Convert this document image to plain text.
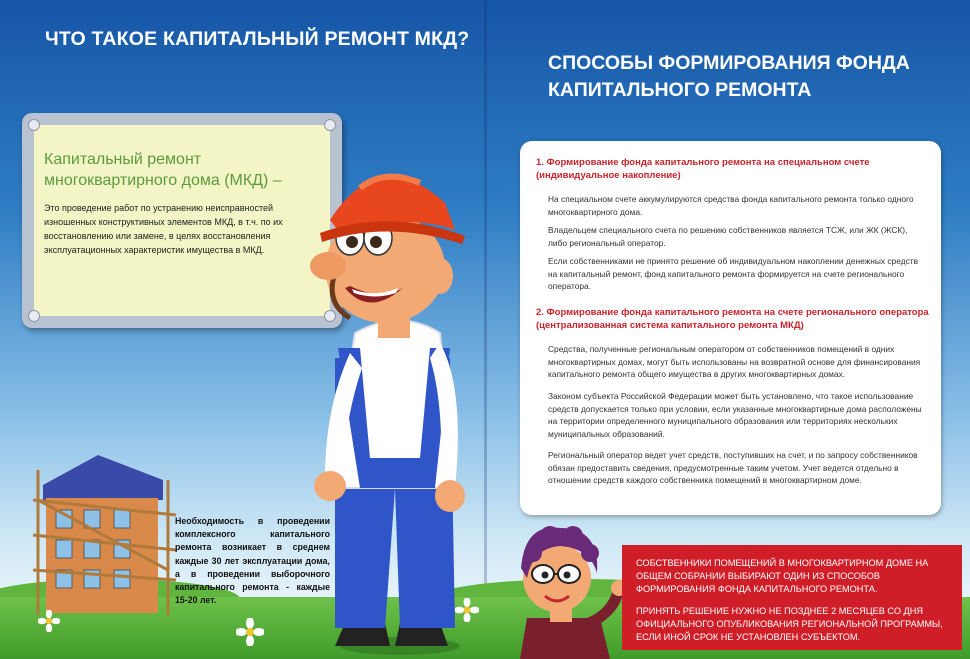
ЧТО ТАКОЕ КАПИТАЛЬНЫЙ РЕМОНТ МКД?
Капитальный ремонт
многоквартирного дома (МКД) –

Это проведение работ по устранению неисправностей изношенных конструктивных элементов МКД, в т.ч. по их восстановлению или замене, в целях восстановления эксплуатационных характеристик имущества в МКД.

Необходимость в проведении комплексного капитального ремонта возникает в среднем каждые 30 лет эксплуатации дома, а в проведении выборочного капитального ремонта - каждые 15-20 лет.

СПОСОБЫ ФОРМИРОВАНИЯ ФОНДА
КАПИТАЛЬНОГО РЕМОНТА
1. Формирование фонда капитального ремонта на специальном счете
(индивидуальное накопление)

На специальном счете аккумулируются средства фонда капитального ремонта только одного многоквартирного дома.

Владельцем специального счета по решению собственников является ТСЖ, или ЖК (ЖСК), либо региональный оператор.

Если собственниками не принято решение об индивидуальном накоплении денежных средств на капитальный ремонт, фонд капитального ремонта формируется на счете регионального оператора.

2. Формирование фонда капитального ремонта на счете регионального оператора
(централизованная система капитального ремонта МКД)

Средства, полученные региональным оператором от собственников помещений в одних многоквартирных домах, могут быть использованы на возвратной основе для финансирования капитального ремонта общего имущества в других многоквартирных домах.

Законом субъекта Российской Федерации может быть установлено, что такое использование средств допускается только при условии, если указанные многоквартирные дома расположены на территории определенного муниципального образования или территориях нескольких муниципальных образований.

Региональный оператор ведет учет средств, поступивших на счет, и по запросу собственников обязан предоставить сведения, предусмотренные таким учетом. Учет ведется отдельно в отношении средств каждого собственника помещений в многоквартирном доме.

СОБСТВЕННИКИ ПОМЕЩЕНИЙ В МНОГОКВАРТИРНОМ ДОМЕ НА ОБЩЕМ СОБРАНИИ ВЫБИРАЮТ ОДИН ИЗ СПОСОБОВ ФОРМИРОВАНИЯ ФОНДА КАПИТАЛЬНОГО РЕМОНТА.

ПРИНЯТЬ РЕШЕНИЕ НУЖНО НЕ ПОЗДНЕЕ 2 МЕСЯЦЕВ СО ДНЯ ОФИЦИАЛЬНОГО ОПУБЛИКОВАНИЯ РЕГИОНАЛЬНОЙ ПРОГРАММЫ, ЕСЛИ ИНОЙ СРОК НЕ УСТАНОВЛЕН СУБЪЕКТОМ.
